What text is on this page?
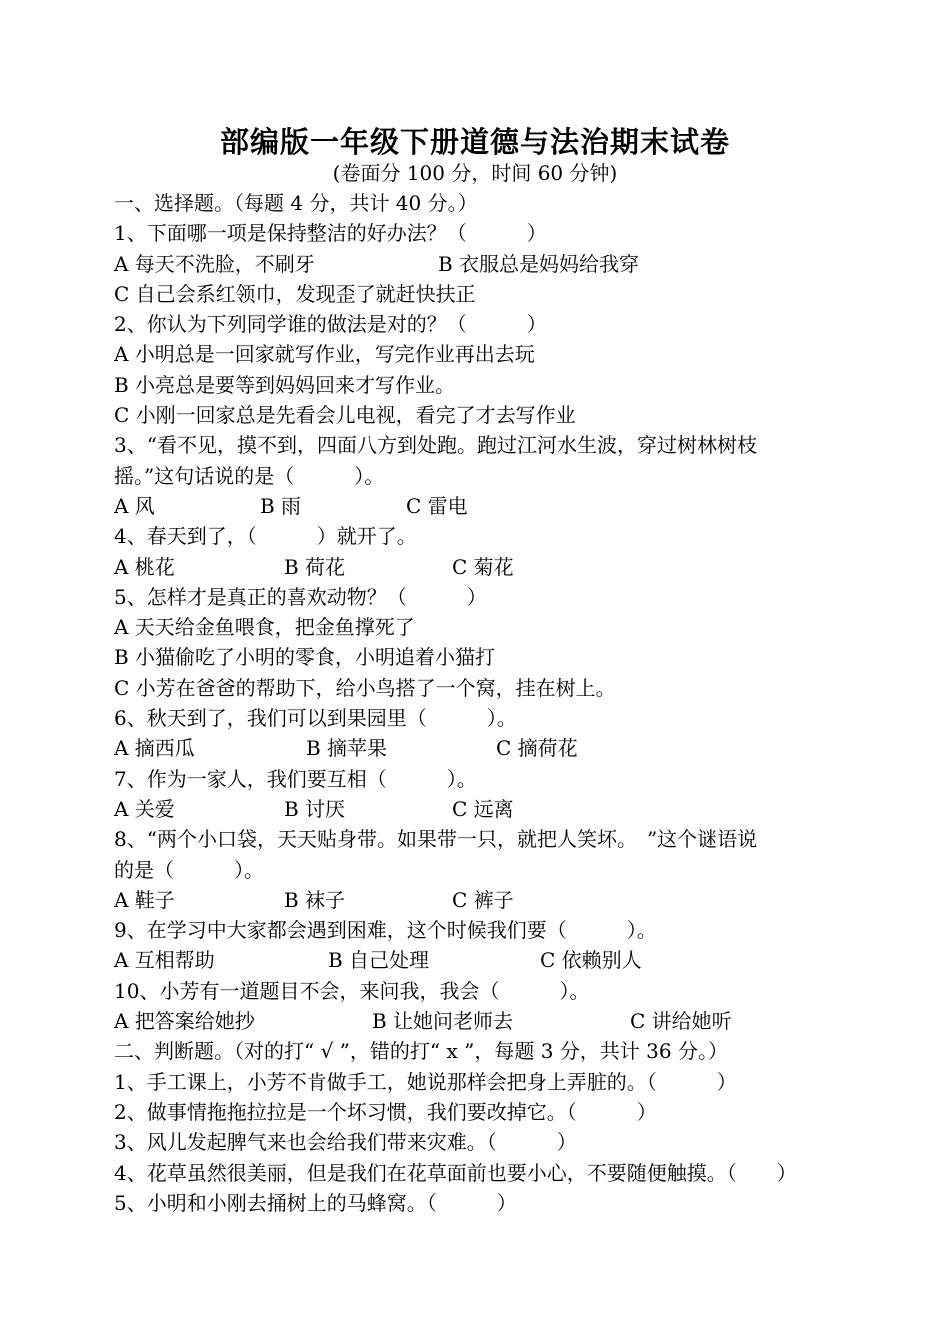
部编版一年级下册道德与法治期末试卷
(卷面分 100 分，时间 60 分钟)
一、选择题。（每题 4 分，共计 40 分。）
1、下面哪一项是保持整洁的好办法？（　　　）
A 每天不洗脸，不刷牙	B 衣服总是妈妈给我穿
C 自己会系红领巾，发现歪了就赶快扶正
2、你认为下列同学谁的做法是对的？（　　　）
A 小明总是一回家就写作业，写完作业再出去玩
B 小亮总是要等到妈妈回来才写作业。
C 小刚一回家总是先看会儿电视，看完了才去写作业
3、“看不见，摸不到，四面八方到处跑。跑过江河水生波，穿过树林树枝
摇。”这句话说的是（　　　）。
A 风	B 雨	C 雷电
4、春天到了，（　　　）就开了。
A 桃花	B 荷花	C 菊花
5、怎样才是真正的喜欢动物？（　　　）
A 天天给金鱼喂食，把金鱼撑死了
B 小猫偷吃了小明的零食，小明追着小猫打
C 小芳在爸爸的帮助下，给小鸟搭了一个窝，挂在树上。
6、秋天到了，我们可以到果园里（　　　）。
A 摘西瓜	B 摘苹果	C 摘荷花
7、作为一家人，我们要互相（　　　）。
A 关爱	B 讨厌	C 远离
8、“两个小口袋，天天贴身带。如果带一只，就把人笑坏。　”这个谜语说
的是（　　　）。
A 鞋子	B 袜子	C 裤子
9、在学习中大家都会遇到困难，这个时候我们要（　　　）。
A 互相帮助	B 自己处理	C 依赖别人
10、小芳有一道题目不会，来问我，我会（　　　）。
A 把答案给她抄	B 让她问老师去	C 讲给她听
二、判断题。（对的打“ √ ”，错的打“ x ”，每题 3 分，共计 36 分。）
1、手工课上，小芳不肯做手工，她说那样会把身上弄脏的。（　　　）
2、做事情拖拖拉拉是一个坏习惯，我们要改掉它。（　　　）
3、风儿发起脾气来也会给我们带来灾难。（　　　）
4、花草虽然很美丽，但是我们在花草面前也要小心，不要随便触摸。（　　）
5、小明和小刚去捅树上的马蜂窝。（　　　）
